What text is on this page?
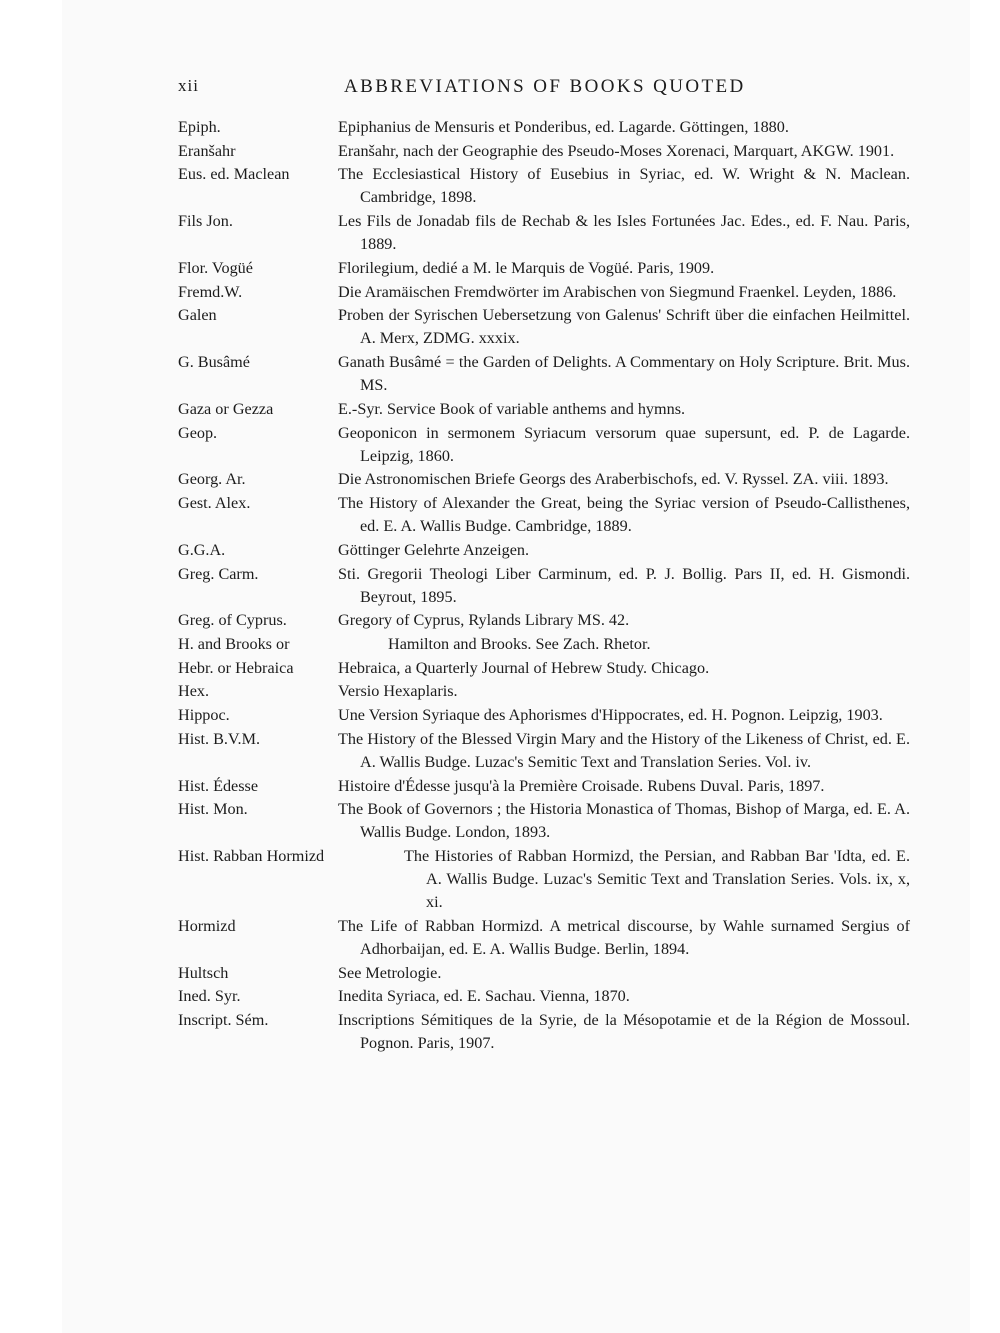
xii	ABBREVIATIONS OF BOOKS QUOTED
Epiph.	Epiphanius de Mensuris et Ponderibus, ed. Lagarde. Göttingen, 1880.
Eranšahr	Eranšahr, nach der Geographie des Pseudo-Moses Xorenaci, Marquart, AKGW. 1901.
Eus. ed. Maclean	The Ecclesiastical History of Eusebius in Syriac, ed. W. Wright & N. Maclean. Cambridge, 1898.
Fils Jon.	Les Fils de Jonadab fils de Rechab & les Isles Fortunées Jac. Edes., ed. F. Nau. Paris, 1889.
Flor. Vogüé	Florilegium, dedié a M. le Marquis de Vogüé. Paris, 1909.
Fremd.W.	Die Aramäischen Fremdwörter im Arabischen von Siegmund Fraenkel. Leyden, 1886.
Galen	Proben der Syrischen Uebersetzung von Galenus' Schrift über die einfachen Heilmittel. A. Merx, ZDMG. xxxix.
G. Busâmé	Ganath Busâmé = the Garden of Delights. A Commentary on Holy Scripture. Brit. Mus. MS.
Gaza or Gezza	E.-Syr. Service Book of variable anthems and hymns.
Geop.	Geoponicon in sermonem Syriacum versorum quae supersunt, ed. P. de Lagarde. Leipzig, 1860.
Georg. Ar.	Die Astronomischen Briefe Georgs des Araberbischofs, ed. V. Ryssel. ZA. viii. 1893.
Gest. Alex.	The History of Alexander the Great, being the Syriac version of Pseudo-Callisthenes, ed. E. A. Wallis Budge. Cambridge, 1889.
G.G.A.	Göttinger Gelehrte Anzeigen.
Greg. Carm.	Sti. Gregorii Theologi Liber Carminum, ed. P. J. Bollig. Pars II, ed. H. Gismondi. Beyrout, 1895.
Greg. of Cyprus.	Gregory of Cyprus, Rylands Library MS. 42.
H. and Brooks or	Hamilton and Brooks. See Zach. Rhetor.
Hebr. or Hebraica	Hebraica, a Quarterly Journal of Hebrew Study. Chicago.
Hex.	Versio Hexaplaris.
Hippoc.	Une Version Syriaque des Aphorismes d'Hippocrates, ed. H. Pognon. Leipzig, 1903.
Hist. B.V.M.	The History of the Blessed Virgin Mary and the History of the Likeness of Christ, ed. E. A. Wallis Budge. Luzac's Semitic Text and Translation Series. Vol. iv.
Hist. Édesse	Histoire d'Édesse jusqu'à la Première Croisade. Rubens Duval. Paris, 1897.
Hist. Mon.	The Book of Governors ; the Historia Monastica of Thomas, Bishop of Marga, ed. E. A. Wallis Budge. London, 1893.
Hist. Rabban Hormizd	The Histories of Rabban Hormizd, the Persian, and Rabban Bar 'Idta, ed. E. A. Wallis Budge. Luzac's Semitic Text and Translation Series. Vols. ix, x, xi.
Hormizd	The Life of Rabban Hormizd. A metrical discourse, by Wahle surnamed Sergius of Adhorbaijan, ed. E. A. Wallis Budge. Berlin, 1894.
Hultsch	See Metrologie.
Ined. Syr.	Inedita Syriaca, ed. E. Sachau. Vienna, 1870.
Inscript. Sém.	Inscriptions Sémitiques de la Syrie, de la Mésopotamie et de la Région de Mossoul. Pognon. Paris, 1907.
